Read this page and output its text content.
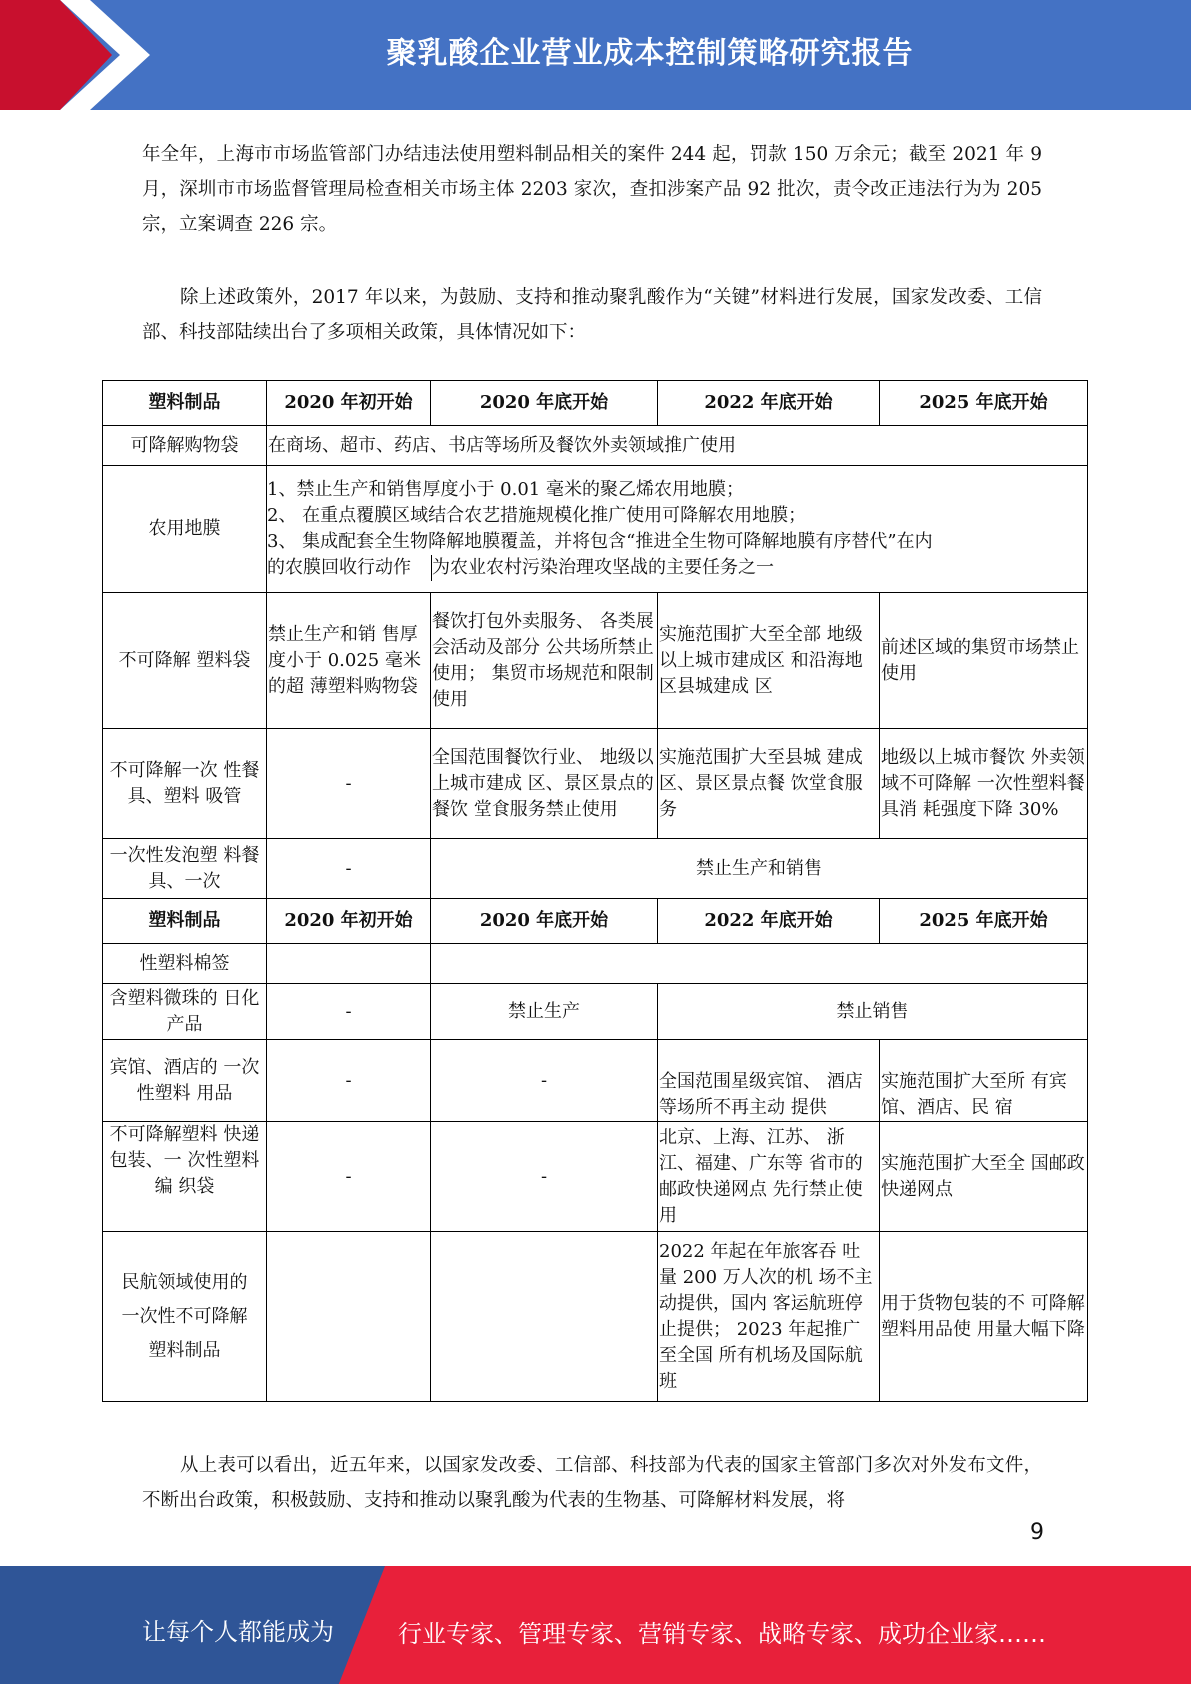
聚乳酸企业营业成本控制策略研究报告

年全年，上海市市场监管部门办结违法使用塑料制品相关的案件 244 起，罚款 150 万余元；截至 2021 年 9 月，深圳市市场监督管理局检查相关市场主体 2203 家次，查扣涉案产品 92 批次，责令改正违法行为为 205 宗，立案调查 226 宗。

除上述政策外，2017 年以来，为鼓励、支持和推动聚乳酸作为“关键”材料进行发展，国家发改委、工信部、科技部陆续出台了多项相关政策，具体情况如下：

塑料制品	2020 年初开始	2020 年底开始	2022 年底开始	2025 年底开始
可降解购物袋	在商场、超市、药店、书店等场所及餐饮外卖领域推广使用			
农用地膜	1、禁止生产和销售厚度小于 0.01 毫米的聚乙烯农用地膜；
2、 在重点覆膜区域结合农艺措施规模化推广使用可降解农用地膜；
3、 集成配套全生物降解地膜覆盖，并将包含“推进全生物可降解地膜有序替代”在内
的农膜回收行动作 为农业农村污染治理攻坚战的主要任务之一			

不可降解 塑料袋	禁止生产和销 售厚度小于 0.025 毫米的超 薄塑料购物袋	餐饮打包外卖服务、 各类展会活动及部分 公共场所禁止使用； 集贸市场规范和限制 使用	实施范围扩大至全部 地级以上城市建成区 和沿海地区县城建成 区	前述区域的集贸市场禁止使用
不可降解一次 性餐具、塑料 吸管	-	全国范围餐饮行业、 地级以上城市建成 区、景区景点的餐饮 堂食服务禁止使用	实施范围扩大至县城 建成区、景区景点餐 饮堂食服务	地级以上城市餐饮 外卖领域不可降解 一次性塑料餐具消 耗强度下降 30%
一次性发泡塑 料餐具、一次	-	禁止生产和销售		
塑料制品	2020 年初开始	2020 年底开始	2022 年底开始	2025 年底开始
性塑料棉签				
含塑料微珠的 日化产品	-	禁止生产	禁止销售	
宾馆、酒店的 一次性塑料 用品	-	-	全国范围星级宾馆、 酒店等场所不再主动 提供	实施范围扩大至所 有宾馆、酒店、民 宿
不可降解塑料 快递包装、一 次性塑料编 织袋	-	-	北京、上海、江苏、 浙江、福建、广东等 省市的邮政快递网点 先行禁止使用	实施范围扩大至全 国邮政快递网点
民航领域使用的一次性不可降解塑料制品			2022 年起在年旅客吞 吐量 200 万人次的机 场不主动提供，国内 客运航班停止提供； 2023 年起推广至全国 所有机场及国际航班	用于货物包装的不 可降解塑料用品使 用量大幅下降

从上表可以看出，近五年来，以国家发改委、工信部、科技部为代表的国家主管部门多次对外发布文件，不断出台政策，积极鼓励、支持和推动以聚乳酸为代表的生物基、可降解材料发展，将

9
让每个人都能成为	行业专家、管理专家、营销专家、战略专家、成功企业家……
